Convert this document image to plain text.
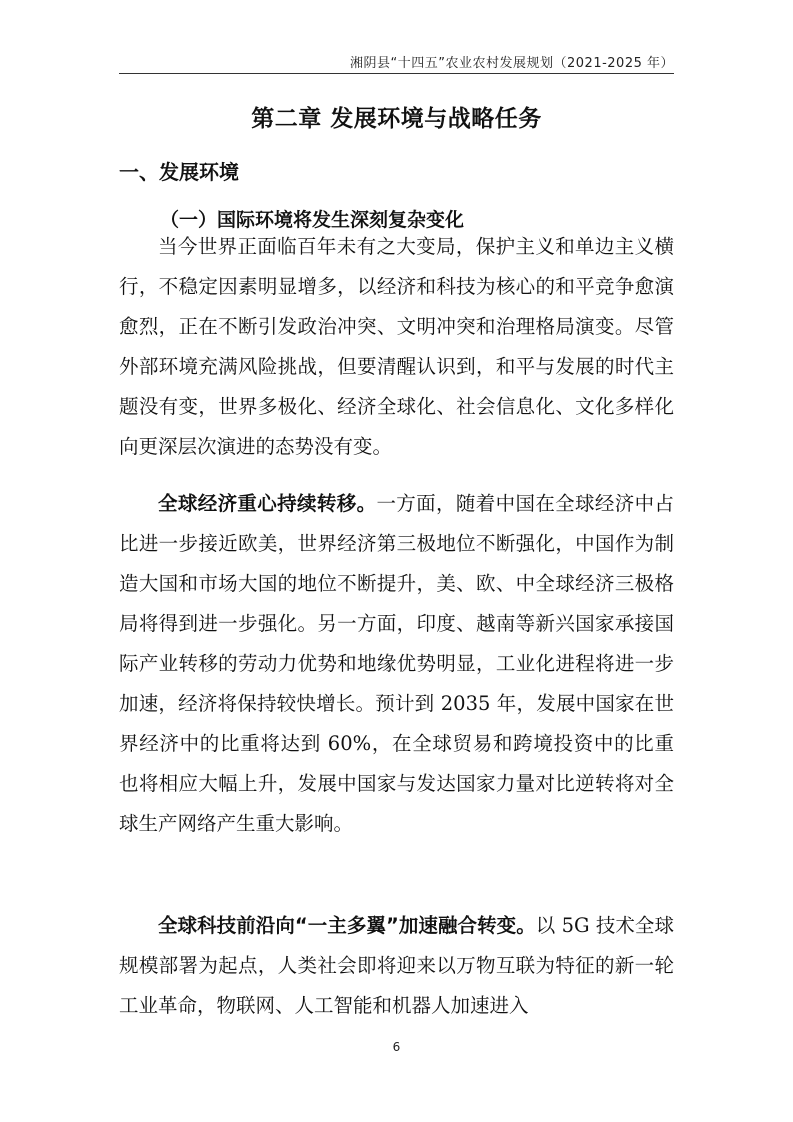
湘阴县“十四五”农业农村发展规划（2021-2025 年）
第二章 发展环境与战略任务
一、发展环境
（一）国际环境将发生深刻复杂变化

当今世界正面临百年未有之大变局，保护主义和单边主义横行，不稳定因素明显增多，以经济和科技为核心的和平竞争愈演愈烈，正在不断引发政治冲突、文明冲突和治理格局演变。尽管外部环境充满风险挑战，但要清醒认识到，和平与发展的时代主题没有变，世界多极化、经济全球化、社会信息化、文化多样化向更深层次演进的态势没有变。

全球经济重心持续转移。一方面，随着中国在全球经济中占比进一步接近欧美，世界经济第三极地位不断强化，中国作为制造大国和市场大国的地位不断提升，美、欧、中全球经济三极格局将得到进一步强化。另一方面，印度、越南等新兴国家承接国际产业转移的劳动力优势和地缘优势明显，工业化进程将进一步加速，经济将保持较快增长。预计到 2035 年，发展中国家在世界经济中的比重将达到 60%，在全球贸易和跨境投资中的比重也将相应大幅上升，发展中国家与发达国家力量对比逆转将对全球生产网络产生重大影响。

全球科技前沿向“一主多翼”加速融合转变。以 5G 技术全球规模部署为起点，人类社会即将迎来以万物互联为特征的新一轮工业革命，物联网、人工智能和机器人加速进入

6
